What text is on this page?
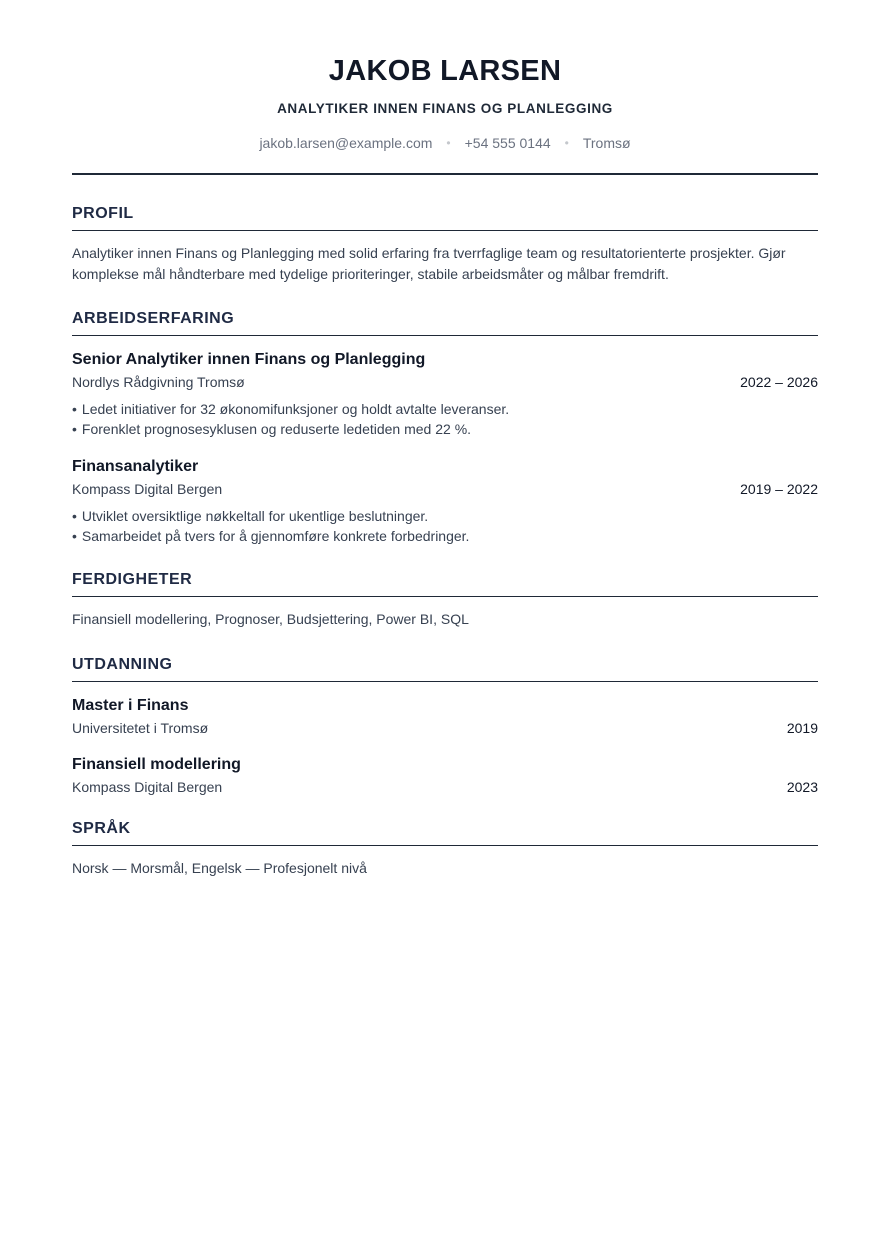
JAKOB LARSEN
ANALYTIKER INNEN FINANS OG PLANLEGGING
jakob.larsen@example.com • +54 555 0144 • Tromsø
PROFIL
Analytiker innen Finans og Planlegging med solid erfaring fra tverrfaglige team og resultatorienterte prosjekter. Gjør komplekse mål håndterbare med tydelige prioriteringer, stabile arbeidsmåter og målbar fremdrift.
ARBEIDSERFARING
Senior Analytiker innen Finans og Planlegging
Nordlys Rådgivning Tromsø	2022 – 2026
• Ledet initiativer for 32 økonomifunksjoner og holdt avtalte leveranser.
• Forenklet prognosesyklusen og reduserte ledetiden med 22 %.
Finansanalytiker
Kompass Digital Bergen	2019 – 2022
• Utviklet oversiktlige nøkkeltall for ukentlige beslutninger.
• Samarbeidet på tvers for å gjennomføre konkrete forbedringer.
FERDIGHETER
Finansiell modellering, Prognoser, Budsjettering, Power BI, SQL
UTDANNING
Master i Finans
Universitetet i Tromsø	2019
Finansiell modellering
Kompass Digital Bergen	2023
SPRÅK
Norsk — Morsmål, Engelsk — Profesjonelt nivå
